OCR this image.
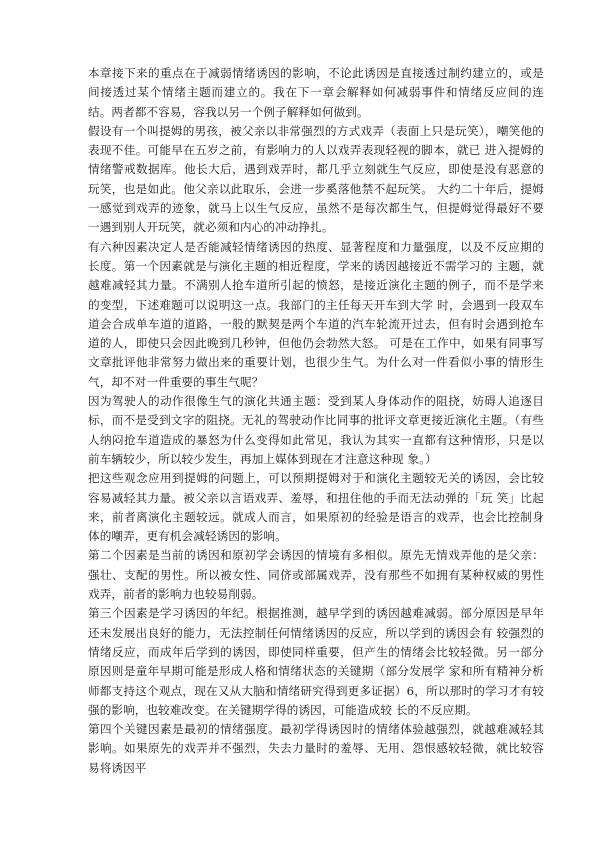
本章接下来的重点在于减弱情绪诱因的影响，不论此诱因是直接透过制约建立的，或是间接透过某个情绪主题而建立的。我在下一章会解释如何减弱事件和情绪反应间的连结。两者都不容易，容我以另一个例子解释如何做到。

假设有一个叫提姆的男孩，被父亲以非常强烈的方式戏弄（表面上只是玩笑），嘲笑他的表现不佳。可能早在五岁之前，有影响力的人以戏弄表现轻视的脚本，就已 进入提姆的情绪警戒数据库。他长大后，遇到戏弄时，都几乎立刻就生气反应，即使是没有恶意的玩笑，也是如此。他父亲以此取乐，会进一步奚落他禁不起玩笑。 大约二十年后，提姆一感觉到戏弄的迹象，就马上以生气反应，虽然不是每次都生气，但提姆觉得最好不要一遇到别人开玩笑，就必须和内心的冲动挣扎。

有六种因素决定人是否能减轻情绪诱因的热度、显著程度和力量强度，以及不反应期的长度。第一个因素就是与演化主题的相近程度，学来的诱因越接近不需学习的 主题，就越难减轻其力量。不满别人抢车道所引起的愤怒，是接近演化主题的例子，而不是学来的变型，下述难题可以说明这一点。我部门的主任每天开车到大学 时，会遇到一段双车道会合成单车道的道路，一般的默契是两个车道的汽车轮流开过去，但有时会遇到抢车道的人，即使只会因此晚到几秒钟，但他仍会勃然大怒。 可是在工作中，如果有同事写文章批评他非常努力做出来的重要计划，也很少生气。为什么对一件看似小事的情形生气，却不对一件重要的事生气呢？

因为驾驶人的动作很像生气的演化共通主题：受到某人身体动作的阻挠，妨碍人追逐目标，而不是受到文字的阻挠。无礼的驾驶动作比同事的批评文章更接近演化主题。（有些人纳闷抢车道造成的暴怒为什么变得如此常见，我认为其实一直都有这种情形，只是以前车辆较少，所以较少发生，再加上媒体到现在才注意这种现 象。）

把这些观念应用到提姆的问题上，可以预期提姆对于和演化主题较无关的诱因，会比较容易减轻其力量。被父亲以言语戏弄、羞辱，和扭住他的手而无法动弹的「玩 笑」比起来，前者离演化主题较远。就成人而言，如果原初的经验是语言的戏弄，也会比控制身体的嘲弄，更有机会减轻诱因的影响。

第二个因素是当前的诱因和原初学会诱因的情境有多相似。原先无情戏弄他的是父亲：强壮、支配的男性。所以被女性、同侪或部属戏弄，没有那些不如拥有某种权威的男性戏弄，前者的影响力也较易削弱。

第三个因素是学习诱因的年纪。根据推测，越早学到的诱因越难减弱。部分原因是早年还未发展出良好的能力，无法控制任何情绪诱因的反应，所以学到的诱因会有 较强烈的情绪反应，而成年后学到的诱因，即使同样重要，但产生的情绪会比较轻微。另一部分原因则是童年早期可能是形成人格和情绪状态的关键期（部分发展学 家和所有精神分析师都支持这个观点，现在又从大脑和情绪研究得到更多证据）6，所以那时的学习才有较强的影响，也较难改变。在关键期学得的诱因，可能造成较 长的不反应期。

第四个关键因素是最初的情绪强度。最初学得诱因时的情绪体验越强烈，就越难减轻其影响。如果原先的戏弄并不强烈，失去力量时的羞辱、无用、怨恨感较轻微，就比较容易将诱因平
